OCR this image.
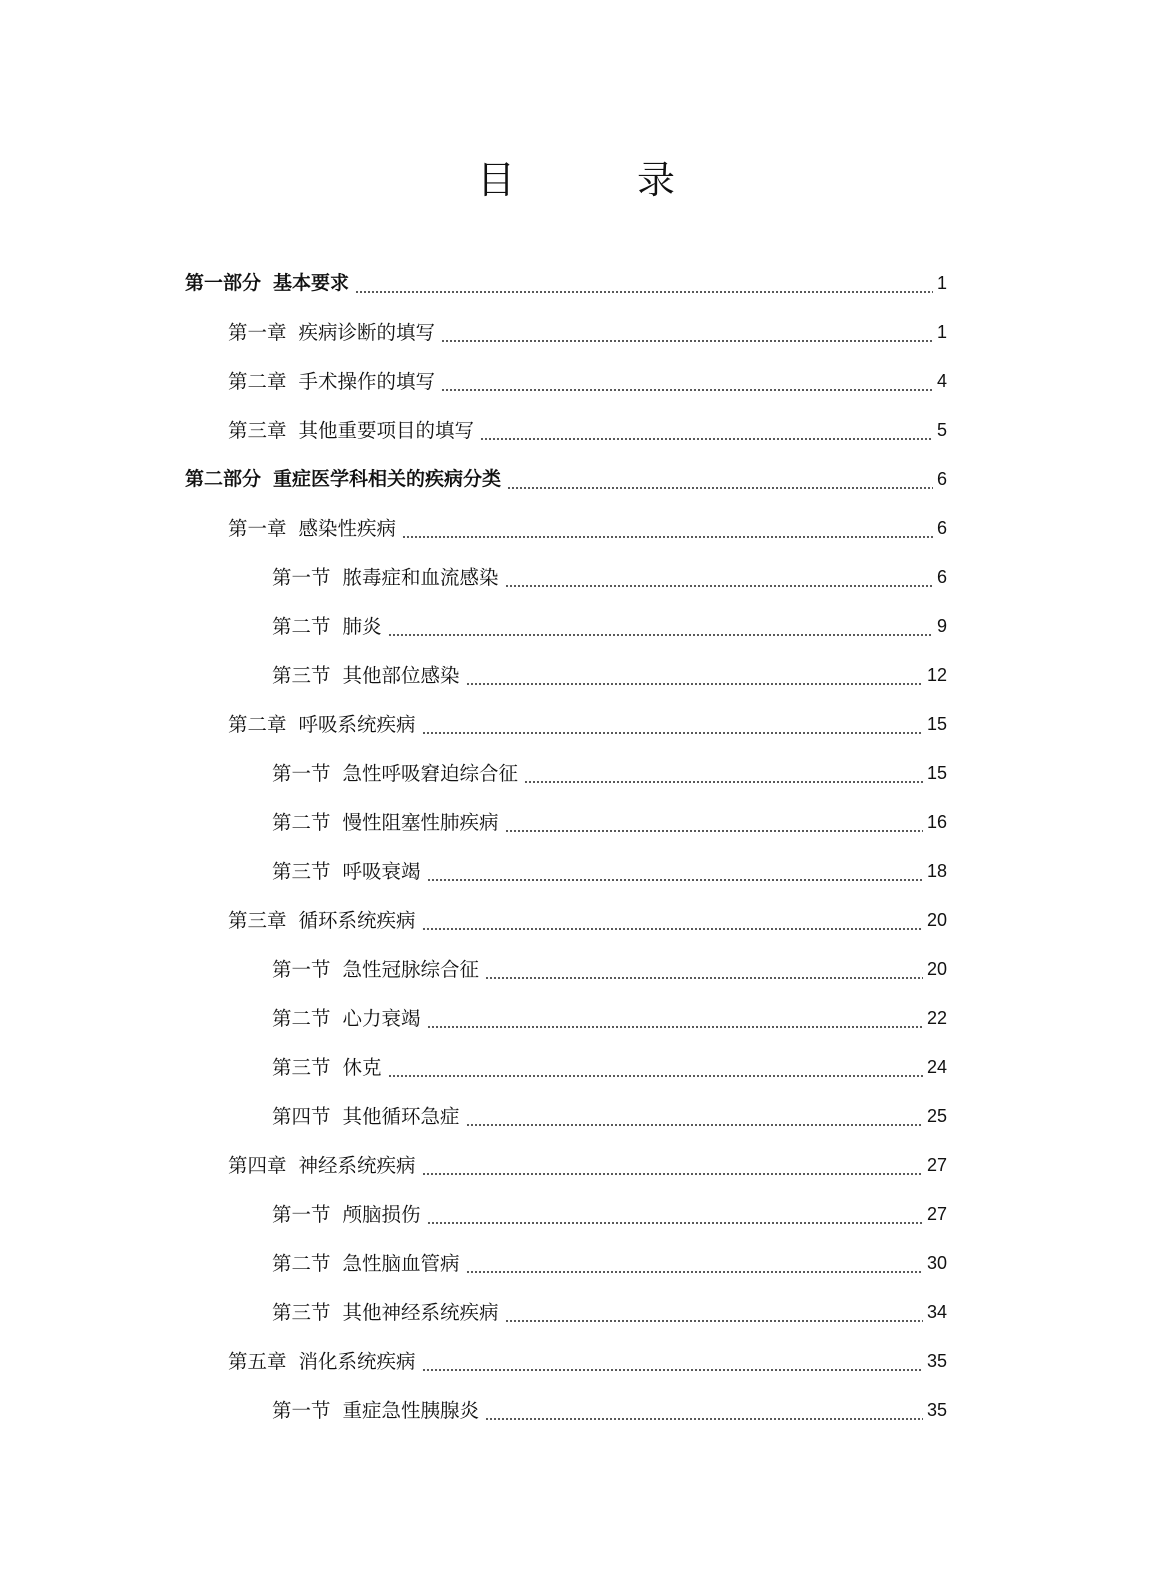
目　录
第一部分 基本要求	1
第一章 疾病诊断的填写	1
第二章 手术操作的填写	4
第三章 其他重要项目的填写	5
第二部分 重症医学科相关的疾病分类	6
第一章 感染性疾病	6
第一节 脓毒症和血流感染	6
第二节 肺炎	9
第三节 其他部位感染	12
第二章 呼吸系统疾病	15
第一节 急性呼吸窘迫综合征	15
第二节 慢性阻塞性肺疾病	16
第三节 呼吸衰竭	18
第三章 循环系统疾病	20
第一节 急性冠脉综合征	20
第二节 心力衰竭	22
第三节 休克	24
第四节 其他循环急症	25
第四章 神经系统疾病	27
第一节 颅脑损伤	27
第二节 急性脑血管病	30
第三节 其他神经系统疾病	34
第五章 消化系统疾病	35
第一节 重症急性胰腺炎	35
